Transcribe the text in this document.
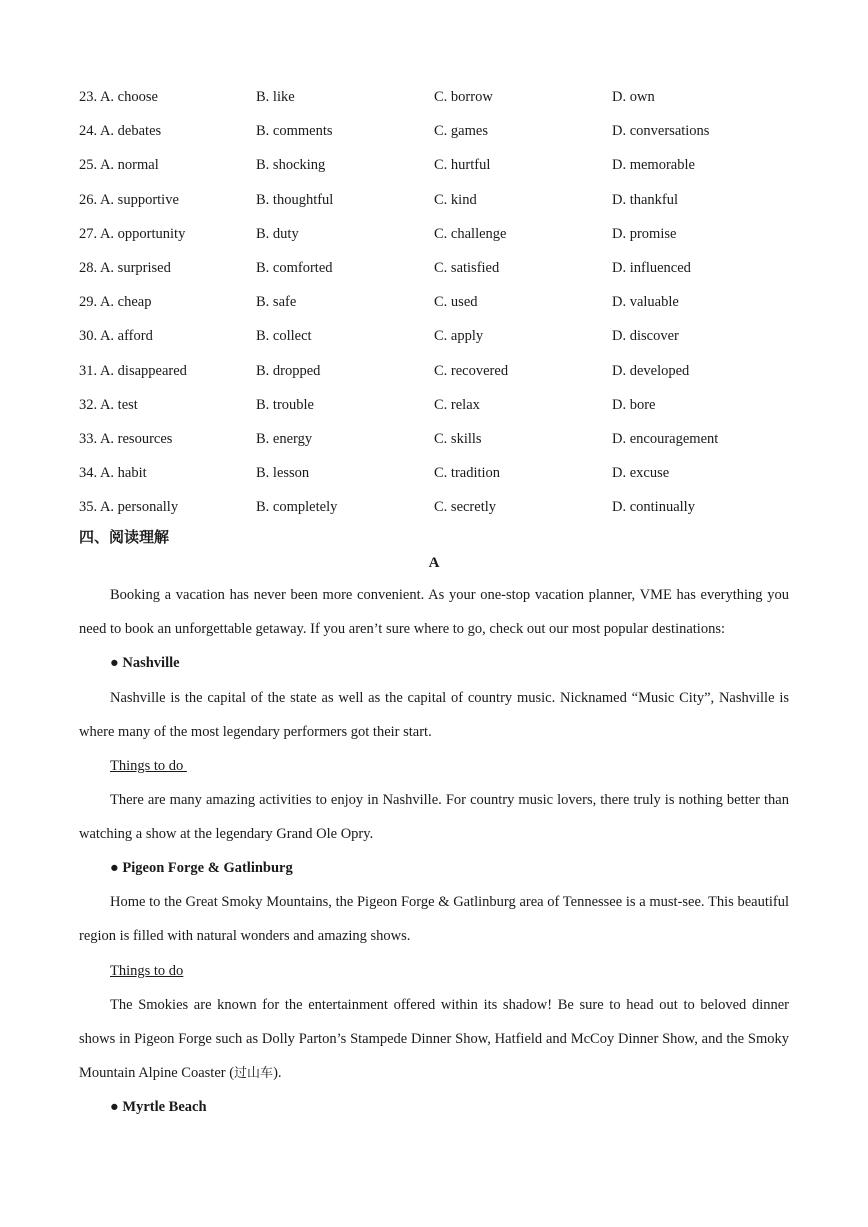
23. A. choose	B. like	C. borrow	D. own
24. A. debates	B. comments	C. games	D. conversations
25. A. normal	B. shocking	C. hurtful	D. memorable
26. A. supportive	B. thoughtful	C. kind	D. thankful
27. A. opportunity	B. duty	C. challenge	D. promise
28. A. surprised	B. comforted	C. satisfied	D. influenced
29. A. cheap	B. safe	C. used	D. valuable
30. A. afford	B. collect	C. apply	D. discover
31. A. disappeared	B. dropped	C. recovered	D. developed
32. A. test	B. trouble	C. relax	D. bore
33. A. resources	B. energy	C. skills	D. encouragement
34. A. habit	B. lesson	C. tradition	D. excuse
35. A. personally	B. completely	C. secretly	D. continually
四、阅读理解
A
Booking a vacation has never been more convenient. As your one-stop vacation planner, VME has everything you need to book an unforgettable getaway. If you aren’t sure where to go, check out our most popular destinations:
● Nashville
Nashville is the capital of the state as well as the capital of country music. Nicknamed “Music City”, Nashville is where many of the most legendary performers got their start.
Things to do
There are many amazing activities to enjoy in Nashville. For country music lovers, there truly is nothing better than watching a show at the legendary Grand Ole Opry.
● Pigeon Forge & Gatlinburg
Home to the Great Smoky Mountains, the Pigeon Forge & Gatlinburg area of Tennessee is a must-see. This beautiful region is filled with natural wonders and amazing shows.
Things to do
The Smokies are known for the entertainment offered within its shadow! Be sure to head out to beloved dinner shows in Pigeon Forge such as Dolly Parton’s Stampede Dinner Show, Hatfield and McCoy Dinner Show, and the Smoky Mountain Alpine Coaster (过山车).
● Myrtle Beach
